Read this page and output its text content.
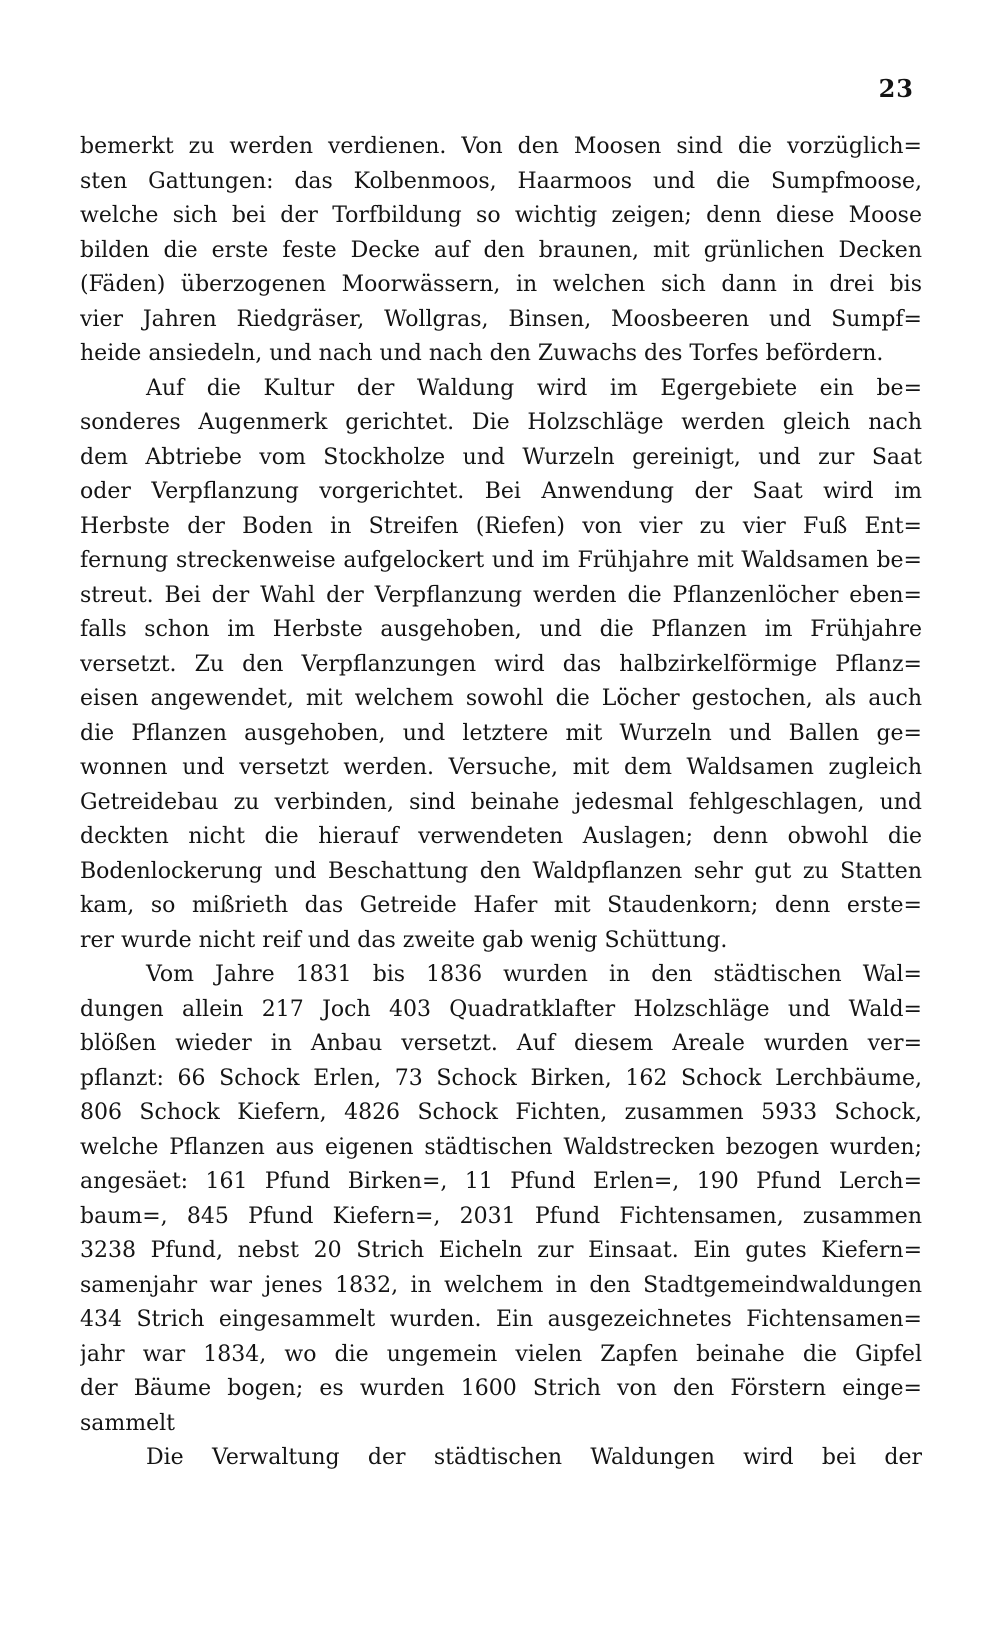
23
bemerkt zu werden verdienen. Von den Moosen sind die vorzüglich=
sten Gattungen: das Kolbenmoos, Haarmoos und die Sumpfmoose,
welche sich bei der Torfbildung so wichtig zeigen; denn diese Moose
bilden die erste feste Decke auf den braunen, mit grünlichen Decken
(Fäden) überzogenen Moorwässern, in welchen sich dann in drei bis
vier Jahren Riedgräser, Wollgras, Binsen, Moosbeeren und Sumpf=
heide ansiedeln, und nach und nach den Zuwachs des Torfes befördern.
Auf die Kultur der Waldung wird im Egergebiete ein be=
sonderes Augenmerk gerichtet. Die Holzschläge werden gleich nach
dem Abtriebe vom Stockholze und Wurzeln gereinigt, und zur Saat
oder Verpflanzung vorgerichtet. Bei Anwendung der Saat wird im
Herbste der Boden in Streifen (Riefen) von vier zu vier Fuß Ent=
fernung streckenweise aufgelockert und im Frühjahre mit Waldsamen be=
streut. Bei der Wahl der Verpflanzung werden die Pflanzenlöcher eben=
falls schon im Herbste ausgehoben, und die Pflanzen im Frühjahre
versetzt. Zu den Verpflanzungen wird das halbzirkelförmige Pflanz=
eisen angewendet, mit welchem sowohl die Löcher gestochen, als auch
die Pflanzen ausgehoben, und letztere mit Wurzeln und Ballen ge=
wonnen und versetzt werden. Versuche, mit dem Waldsamen zugleich
Getreidebau zu verbinden, sind beinahe jedesmal fehlgeschlagen, und
deckten nicht die hierauf verwendeten Auslagen; denn obwohl die
Bodenlockerung und Beschattung den Waldpflanzen sehr gut zu Statten
kam, so mißrieth das Getreide Hafer mit Staudenkorn; denn erste=
rer wurde nicht reif und das zweite gab wenig Schüttung.
Vom Jahre 1831 bis 1836 wurden in den städtischen Wal=
dungen allein 217 Joch 403 Quadratklafter Holzschläge und Wald=
blößen wieder in Anbau versetzt. Auf diesem Areale wurden ver=
pflanzt: 66 Schock Erlen, 73 Schock Birken, 162 Schock Lerchbäume,
806 Schock Kiefern, 4826 Schock Fichten, zusammen 5933 Schock,
welche Pflanzen aus eigenen städtischen Waldstrecken bezogen wurden;
angesäet: 161 Pfund Birken=, 11 Pfund Erlen=, 190 Pfund Lerch=
baum=, 845 Pfund Kiefern=, 2031 Pfund Fichtensamen, zusammen
3238 Pfund, nebst 20 Strich Eicheln zur Einsaat. Ein gutes Kiefern=
samenjahr war jenes 1832, in welchem in den Stadtgemeindwaldungen
434 Strich eingesammelt wurden. Ein ausgezeichnetes Fichtensamen=
jahr war 1834, wo die ungemein vielen Zapfen beinahe die Gipfel
der Bäume bogen; es wurden 1600 Strich von den Förstern einge=
sammelt
Die Verwaltung der städtischen Waldungen wird bei der
